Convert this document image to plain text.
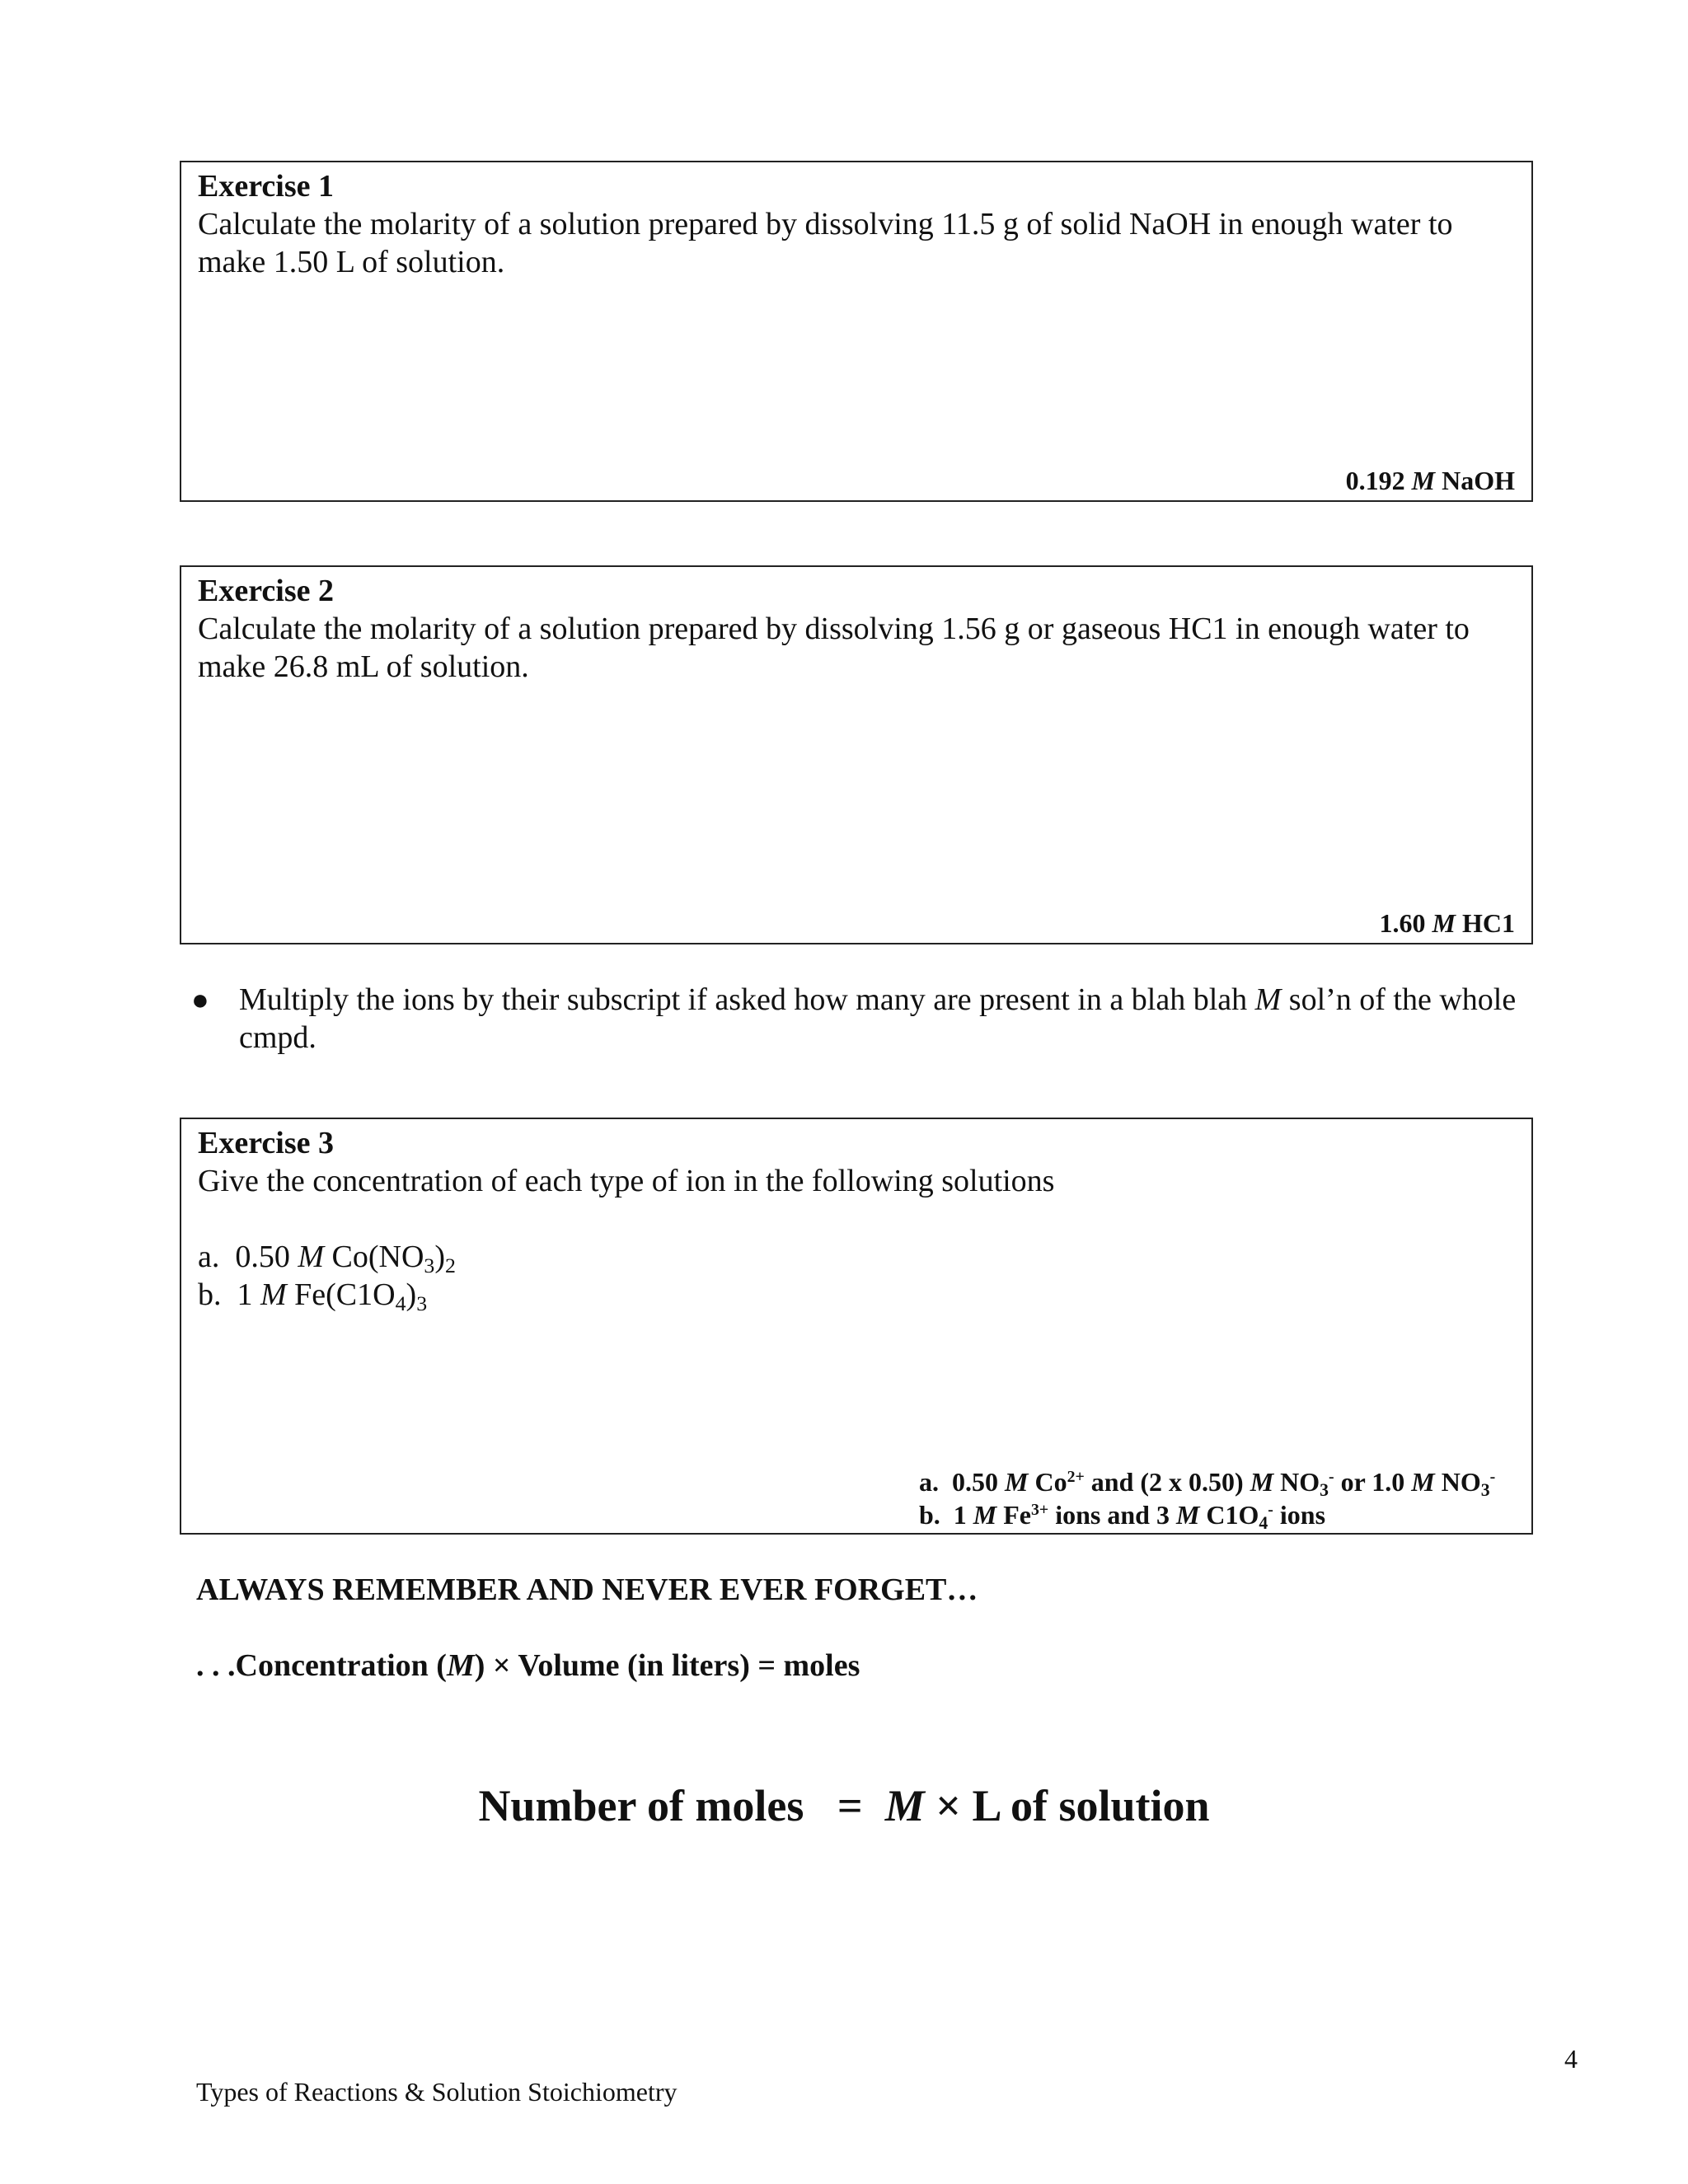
Exercise 1
Calculate the molarity of a solution prepared by dissolving 11.5 g of solid NaOH in enough water to make 1.50 L of solution.
0.192 M NaOH
Exercise 2
Calculate the molarity of a solution prepared by dissolving 1.56 g or gaseous HC1 in enough water to make 26.8 mL of solution.
1.60 M HC1
● Multiply the ions by their subscript if asked how many are present in a blah blah M sol’n of the whole cmpd.
Exercise 3
Give the concentration of each type of ion in the following solutions
a. 0.50 M $Co(NO_3)_2$
b. 1 M $Fe(C1O_4)_3$
a. 0.50 M $Co^{2+}$ and (2 x 0.50) M $NO_3^-$ or 1.0 M $NO_3^-$
b. 1 M $Fe^{3+}$ ions and 3 M $C1O_4^-$ ions
ALWAYS REMEMBER AND NEVER EVER FORGET…
. . .Concentration (M) × Volume (in liters) = moles
Number of moles = M × L of solution
4
Types of Reactions & Solution Stoichiometry
